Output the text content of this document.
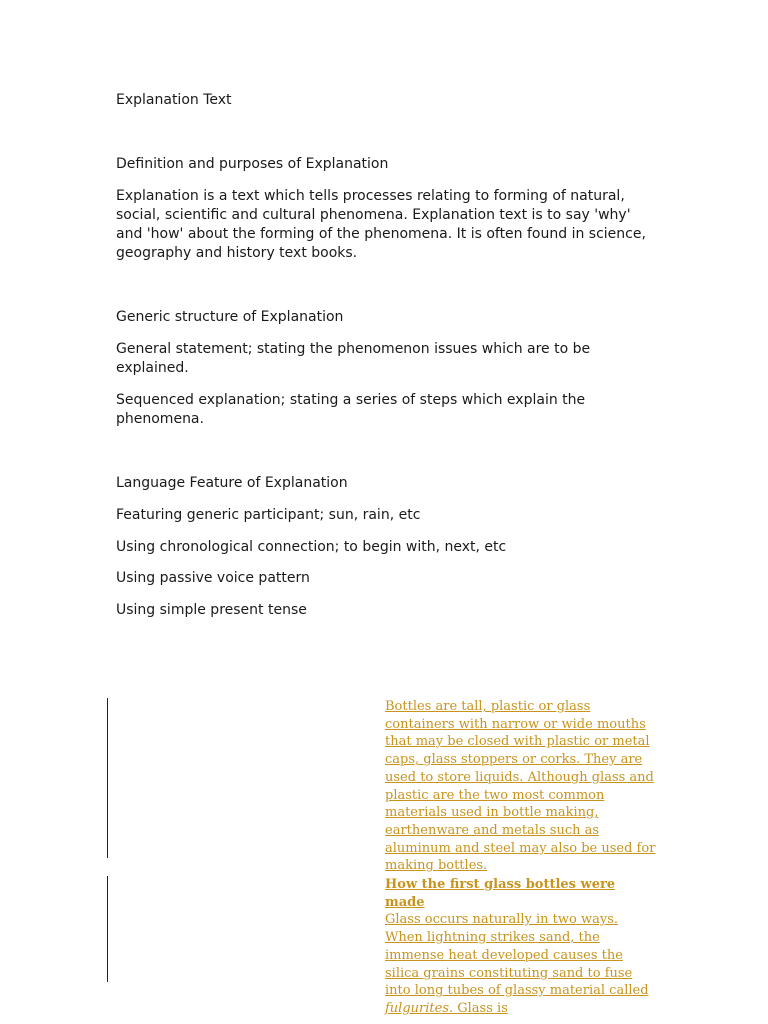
Explanation Text

Definition and purposes of Explanation

Explanation is a text which tells processes relating to forming of natural, social, scientific and cultural phenomena. Explanation text is to say 'why' and 'how' about the forming of the phenomena. It is often found in science, geography and history text books.

Generic structure of Explanation

General statement; stating the phenomenon issues which are to be explained.

Sequenced explanation; stating a series of steps which explain the phenomena.

Language Feature of Explanation

Featuring generic participant; sun, rain, etc

Using chronological connection; to begin with, next, etc

Using passive voice pattern

Using simple present tense

Bottles are tall, plastic or glass containers with narrow or wide mouths that may be closed with plastic or metal caps, glass stoppers or corks. They are used to store liquids. Although glass and plastic are the two most common materials used in bottle making, earthenware and metals such as aluminum and steel may also be used for making bottles.

How the first glass bottles were made
Glass occurs naturally in two ways. When lightning strikes sand, the immense heat developed causes the silica grains constituting sand to fuse into long tubes of glassy material called fulgurites. Glass is
